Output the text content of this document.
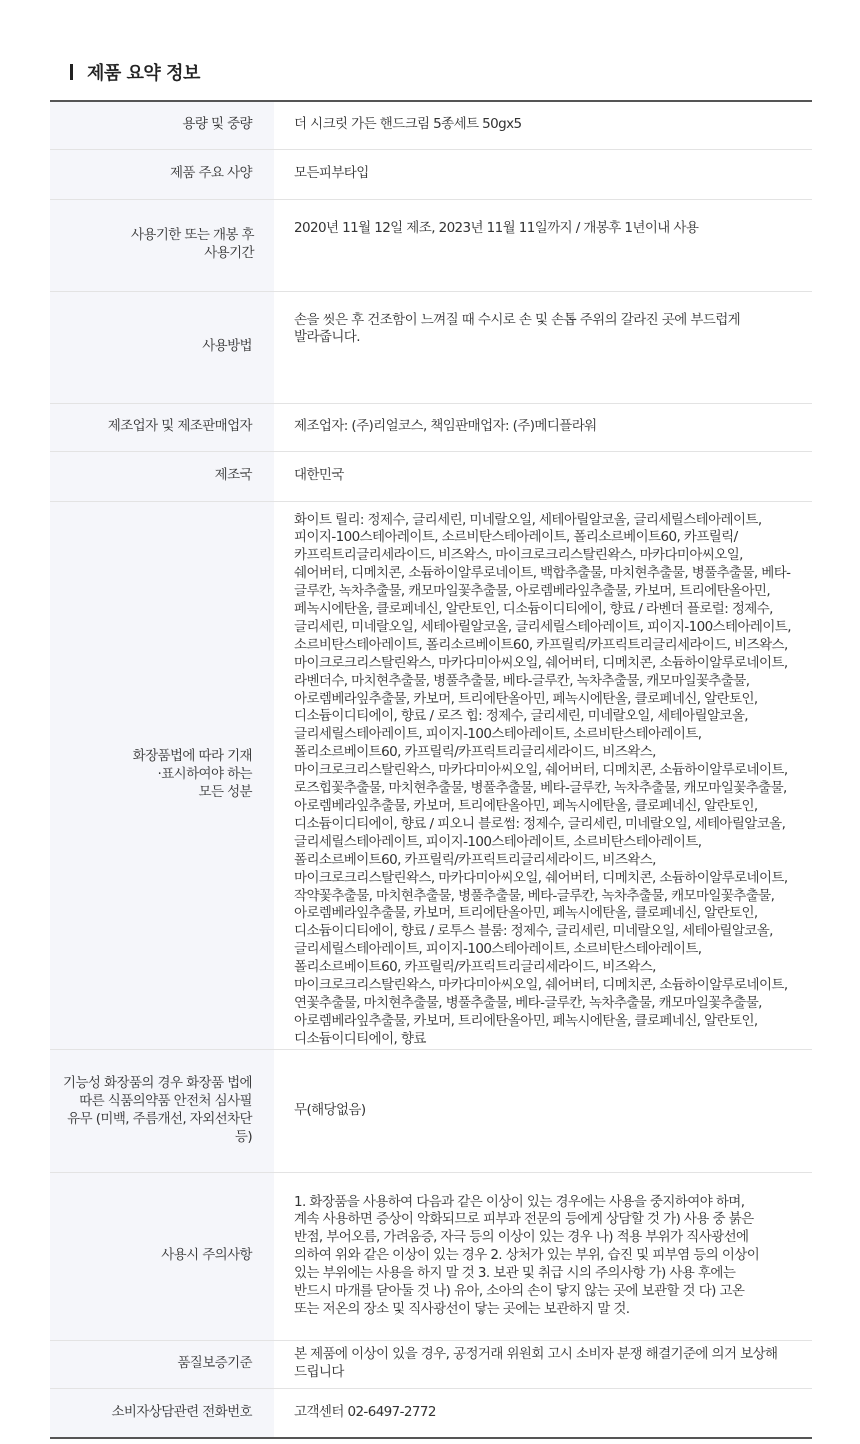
제품 요약 정보
용량 및 중량	더 시크릿 가든 핸드크림 5종세트 50gx5
제품 주요 사양	모든피부타입
사용기한 또는 개봉 후 사용기간	2020년 11월 12일 제조, 2023년 11월 11일까지 / 개봉후 1년이내 사용
사용방법	손을 씻은 후 건조함이 느껴질 때 수시로 손 및 손톱 주위의 갈라진 곳에 부드럽게 발라줍니다.
제조업자 및 제조판매업자	제조업자: (주)리얼코스, 책임판매업자: (주)메디플라워
제조국	대한민국
화장품법에 따라 기재·표시하여야 하는 모든 성분	화이트 릴리: 정제수, 글리세린, 미네랄오일, 세테아릴알코올, 글리세릴스테아레이트, 피이지-100스테아레이트, 소르비탄스테아레이트, 폴리소르베이트60, 카프릴릭/카프릭트리글리세라이드, 비즈왁스, 마이크로크리스탈린왁스, 마카다미아씨오일, 쉐어버터, 디메치콘, 소듐하이알루로네이트, 백합추출물, 마치현추출물, 병풀추출물, 베타-글루칸, 녹차추출물, 캐모마일꽃추출물, 아로렘베라잎추출물, 카보머, 트리에탄올아민, 페녹시에탄올, 클로페네신, 알란토인, 디소듐이디티에이, 향료 / 라벤더 플로럴: 정제수, 글리세린, 미네랄오일, 세테아릴알코올, 글리세릴스테아레이트, 피이지-100스테아레이트, 소르비탄스테아레이트, 폴리소르베이트60, 카프릴릭/카프릭트리글리세라이드, 비즈왁스, 마이크로크리스탈린왁스, 마카다미아씨오일, 쉐어버터, 디메치콘, 소듐하이알루로네이트, 라벤더수, 마치현추출물, 병풀추출물, 베타-글루칸, 녹차추출물, 캐모마일꽃추출물, 아로렘베라잎추출물, 카보머, 트리에탄올아민, 페녹시에탄올, 클로페네신, 알란토인, 디소듐이디티에이, 향료 / 로즈 힙: 정제수, 글리세린, 미네랄오일, 세테아릴알코올, 글리세릴스테아레이트, 피이지-100스테아레이트, 소르비탄스테아레이트, 폴리소르베이트60, 카프릴릭/카프릭트리글리세라이드, 비즈왁스, 마이크로크리스탈린왁스, 마카다미아씨오일, 쉐어버터, 디메치콘, 소듐하이알루로네이트, 로즈힙꽃추출물, 마치현추출물, 병풀추출물, 베타-글루칸, 녹차추출물, 캐모마일꽃추출물, 아로렘베라잎추출물, 카보머, 트리에탄올아민, 페녹시에탄올, 클로페네신, 알란토인, 디소듐이디티에이, 향료 / 피오니 블로썸: 정제수, 글리세린, 미네랄오일, 세테아릴알코올, 글리세릴스테아레이트, 피이지-100스테아레이트, 소르비탄스테아레이트, 폴리소르베이트60, 카프릴릭/카프릭트리글리세라이드, 비즈왁스, 마이크로크리스탈린왁스, 마카다미아씨오일, 쉐어버터, 디메치콘, 소듐하이알루로네이트, 작약꽃추출물, 마치현추출물, 병풀추출물, 베타-글루칸, 녹차추출물, 캐모마일꽃추출물, 아로렘베라잎추출물, 카보머, 트리에탄올아민, 페녹시에탄올, 클로페네신, 알란토인, 디소듐이디티에이, 향료 / 로투스 블룸: 정제수, 글리세린, 미네랄오일, 세테아릴알코올, 글리세릴스테아레이트, 피이지-100스테아레이트, 소르비탄스테아레이트, 폴리소르베이트60, 카프릴릭/카프릭트리글리세라이드, 비즈왁스, 마이크로크리스탈린왁스, 마카다미아씨오일, 쉐어버터, 디메치콘, 소듐하이알루로네이트, 연꽃추출물, 마치현추출물, 병풀추출물, 베타-글루칸, 녹차추출물, 캐모마일꽃추출물, 아로렘베라잎추출물, 카보머, 트리에탄올아민, 페녹시에탄올, 클로페네신, 알란토인, 디소듐이디티에이, 향료
기능성 화장품의 경우 화장품 법에 따른 식품의약품 안전처 심사필 유무 (미백, 주름개선, 자외선차단 등)	무(해당없음)
사용시 주의사항	1. 화장품을 사용하여 다음과 같은 이상이 있는 경우에는 사용을 중지하여야 하며, 계속 사용하면 증상이 악화되므로 피부과 전문의 등에게 상담할 것 가) 사용 중 붉은 반점, 부어오름, 가려움증, 자극 등의 이상이 있는 경우 나) 적용 부위가 직사광선에 의하여 위와 같은 이상이 있는 경우 2. 상처가 있는 부위, 습진 및 피부염 등의 이상이 있는 부위에는 사용을 하지 말 것 3. 보관 및 취급 시의 주의사항 가) 사용 후에는 반드시 마개를 닫아둘 것 나) 유아, 소아의 손이 닿지 않는 곳에 보관할 것 다) 고온 또는 저온의 장소 및 직사광선이 닿는 곳에는 보관하지 말 것.
품질보증기준	본 제품에 이상이 있을 경우, 공정거래 위원회 고시 소비자 분쟁 해결기준에 의거 보상해 드립니다
소비자상담관련 전화번호	고객센터 02-6497-2772
